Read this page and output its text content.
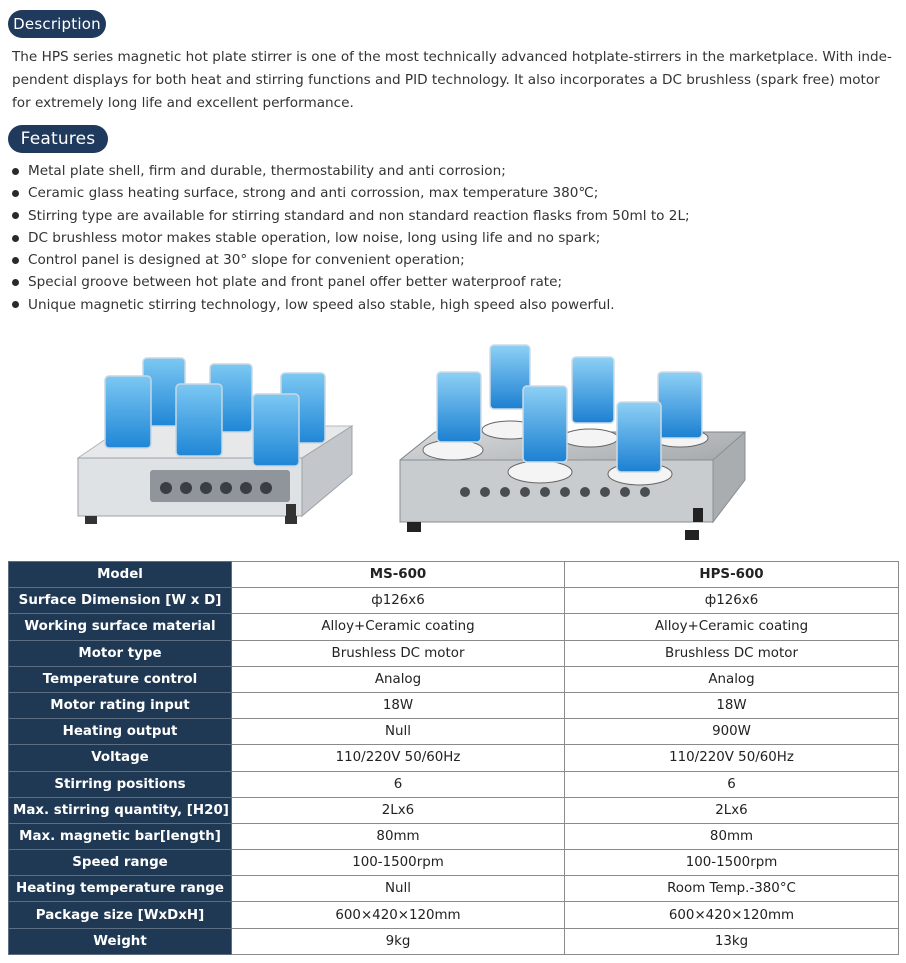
Description

The HPS series magnetic hot plate stirrer is one of the most technically advanced hotplate-stirrers in the marketplace. With inde-pendent displays for both heat and stirring functions and PID technology. It also incorporates a DC brushless (spark free) motor for extremely long life and excellent performance.

Features
Metal plate shell, firm and durable, thermostability and anti corrosion;
Ceramic glass heating surface, strong and anti corrossion, max temperature 380℃;
Stirring type are available for stirring standard and non standard reaction flasks from 50ml to 2L;
DC brushless motor makes stable operation, low noise, long using life and no spark;
Control panel is designed at 30° slope for convenient operation;
Special groove between hot plate and front panel offer better waterproof rate;
Unique magnetic stirring technology, low speed also stable, high speed also powerful.
Model	MS-600	HPS-600
Surface Dimension [W x D]	ф126x6	ф126x6
Working surface material	Alloy+Ceramic coating	Alloy+Ceramic coating
Motor type	Brushless DC motor	Brushless DC motor
Temperature control	Analog	Analog
Motor rating input	18W	18W
Heating output	Null	900W
Voltage	110/220V 50/60Hz	110/220V 50/60Hz
Stirring positions	6	6
Max. stirring quantity, [H20]	2Lx6	2Lx6
Max. magnetic bar[length]	80mm	80mm
Speed range	100-1500rpm	100-1500rpm
Heating temperature range	Null	Room Temp.-380°C
Package size [WxDxH]	600×420×120mm	600×420×120mm
Weight	9kg	13kg
